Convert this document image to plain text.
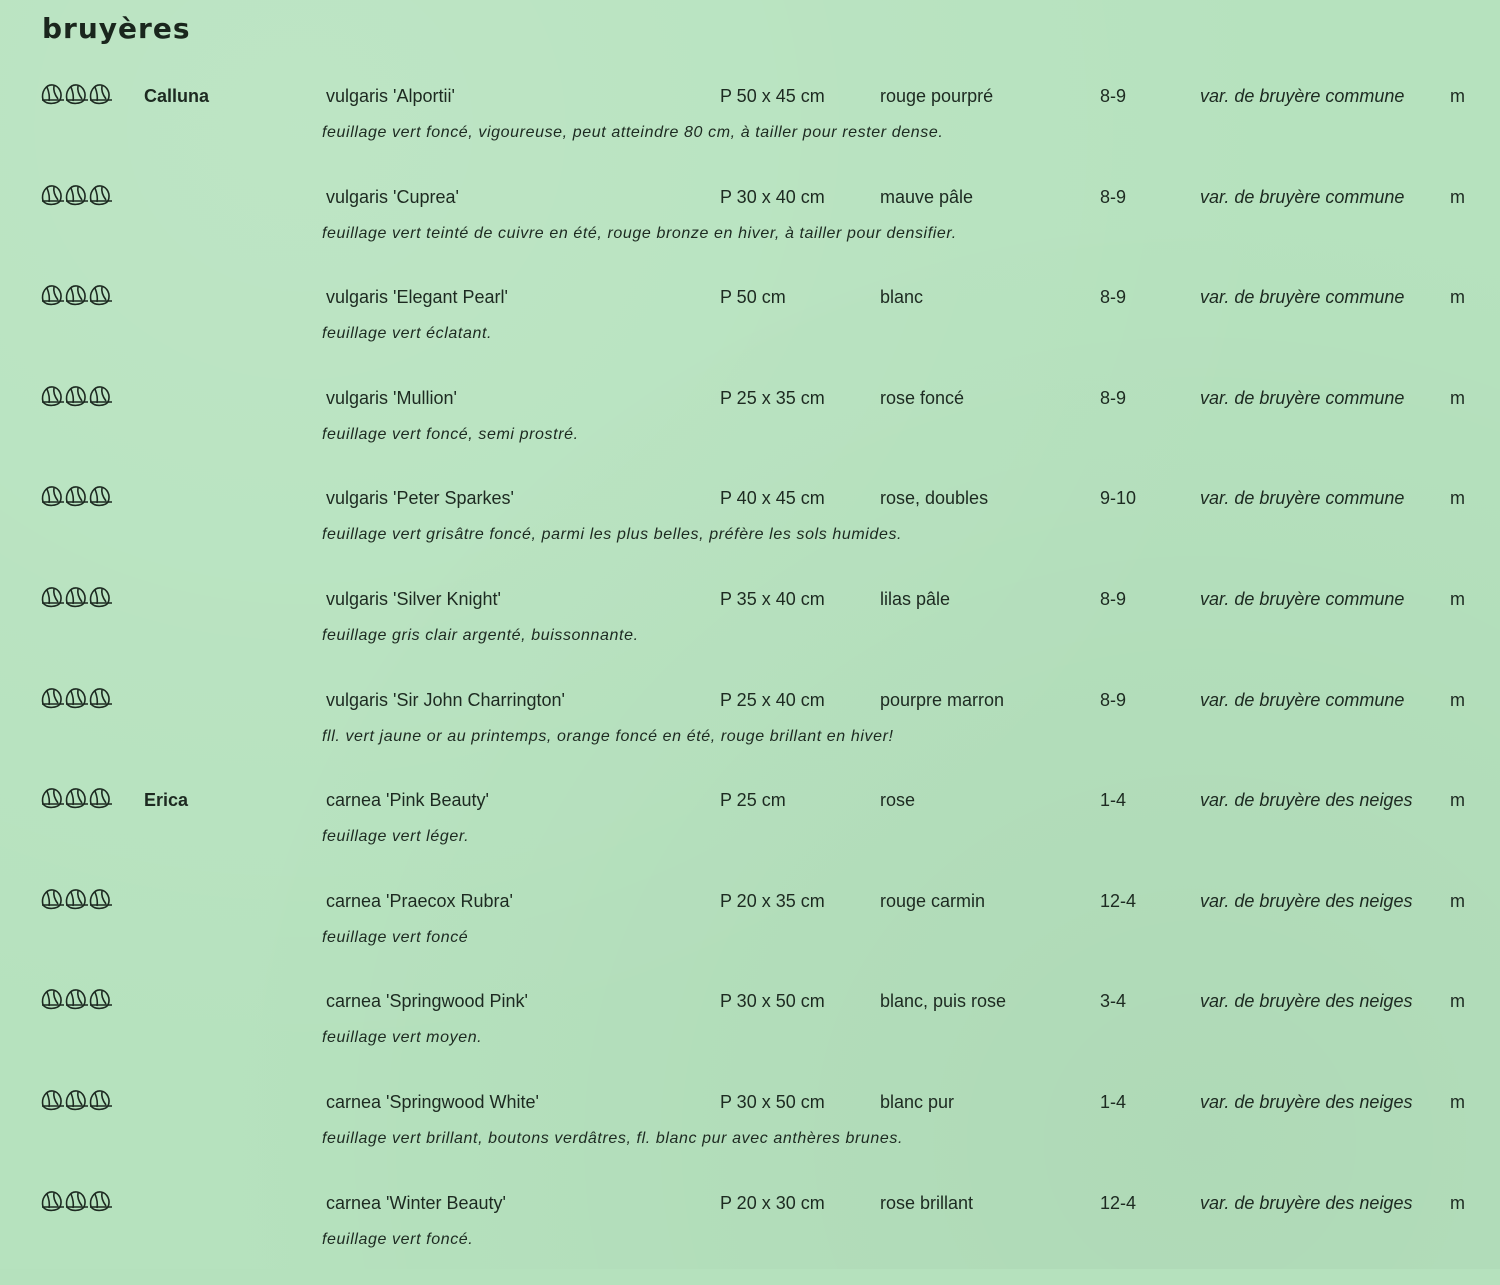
bruyères
Calluna	vulgaris 'Alportii'	P 50 x 45 cm	rouge pourpré	8-9	var. de bruyère commune	m
feuillage vert foncé, vigoureuse, peut atteindre 80 cm, à tailler pour rester dense.
vulgaris 'Cuprea'	P 30 x 40 cm	mauve pâle	8-9	var. de bruyère commune	m
feuillage vert teinté de cuivre en été, rouge bronze en hiver, à tailler pour densifier.
vulgaris 'Elegant Pearl'	P 50 cm	blanc	8-9	var. de bruyère commune	m
feuillage vert éclatant.
vulgaris 'Mullion'	P 25 x 35 cm	rose foncé	8-9	var. de bruyère commune	m
feuillage vert foncé, semi prostré.
vulgaris 'Peter Sparkes'	P 40 x 45 cm	rose, doubles	9-10	var. de bruyère commune	m
feuillage vert grisâtre foncé, parmi les plus belles, préfère les sols humides.
vulgaris 'Silver Knight'	P 35 x 40 cm	lilas pâle	8-9	var. de bruyère commune	m
feuillage gris clair argenté, buissonnante.
vulgaris 'Sir John Charrington'	P 25 x 40 cm	pourpre marron	8-9	var. de bruyère commune	m
fll. vert jaune or au printemps, orange foncé en été, rouge brillant en hiver!
Erica	carnea 'Pink Beauty'	P 25 cm	rose	1-4	var. de bruyère des neiges m
feuillage vert léger.
carnea 'Praecox Rubra'	P 20 x 35 cm	rouge carmin	12-4	var. de bruyère des neiges m
feuillage vert foncé
carnea 'Springwood Pink'	P 30 x 50 cm	blanc, puis rose	3-4	var. de bruyère des neiges m
feuillage vert moyen.
carnea 'Springwood White'	P 30 x 50 cm	blanc pur	1-4	var. de bruyère des neiges m
feuillage vert brillant, boutons verdâtres, fl. blanc pur avec anthères brunes.
carnea 'Winter Beauty'	P 20 x 30 cm	rose brillant	12-4	var. de bruyère des neiges m
feuillage vert foncé.
